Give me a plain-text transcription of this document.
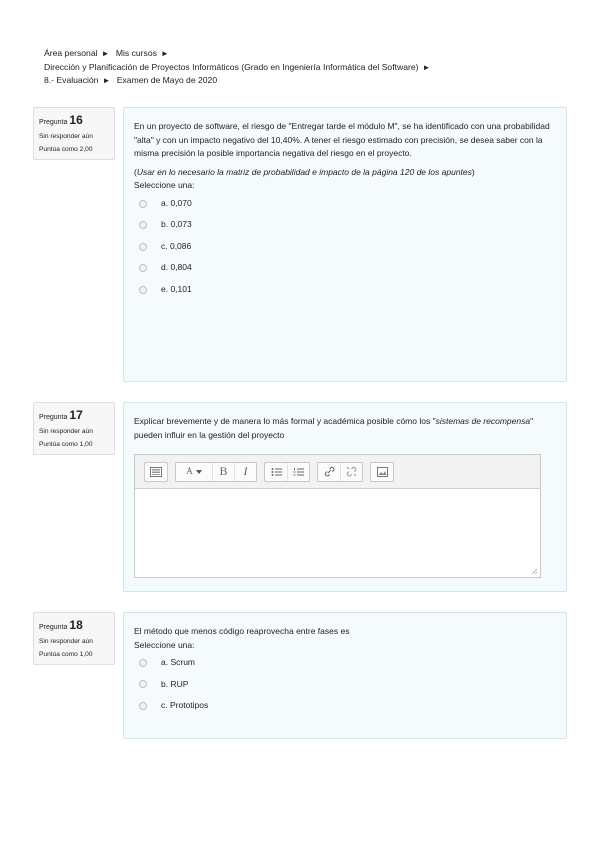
Área personal ► Mis cursos ►
Dirección y Planificación de Proyectos Informáticos (Grado en Ingeniería Informática del Software) ►
8.- Evaluación ► Examen de Mayo de 2020
Pregunta 16
Sin responder aún
Puntúa como 2,00

En un proyecto de software, el riesgo de "Entregar tarde el módulo M", se ha identificado con una probabilidad "alta" y con un impacto negativo del 10,40%. A tener el riesgo estimado con precisión, se desea saber con la misma precisión la posible importancia negativa del riesgo en el proyecto.

(Usar en lo necesario la matriz de probabilidad e impacto de la página 120 de los apuntes)

Seleccione una:

a. 0,070
b. 0,073
c. 0,086
d. 0,804
e. 0,101
Pregunta 17
Sin responder aún
Puntúa como 1,00

Explicar brevemente y de manera lo más formal y académica posible cómo los "sistemas de recompensa" pueden influir en la gestión del proyecto

A	B	I
Pregunta 18
Sin responder aún
Puntúa como 1,00

El método que menos código reaprovecha entre fases es

Seleccione una:

a. Scrum
b. RUP
c. Prototipos
